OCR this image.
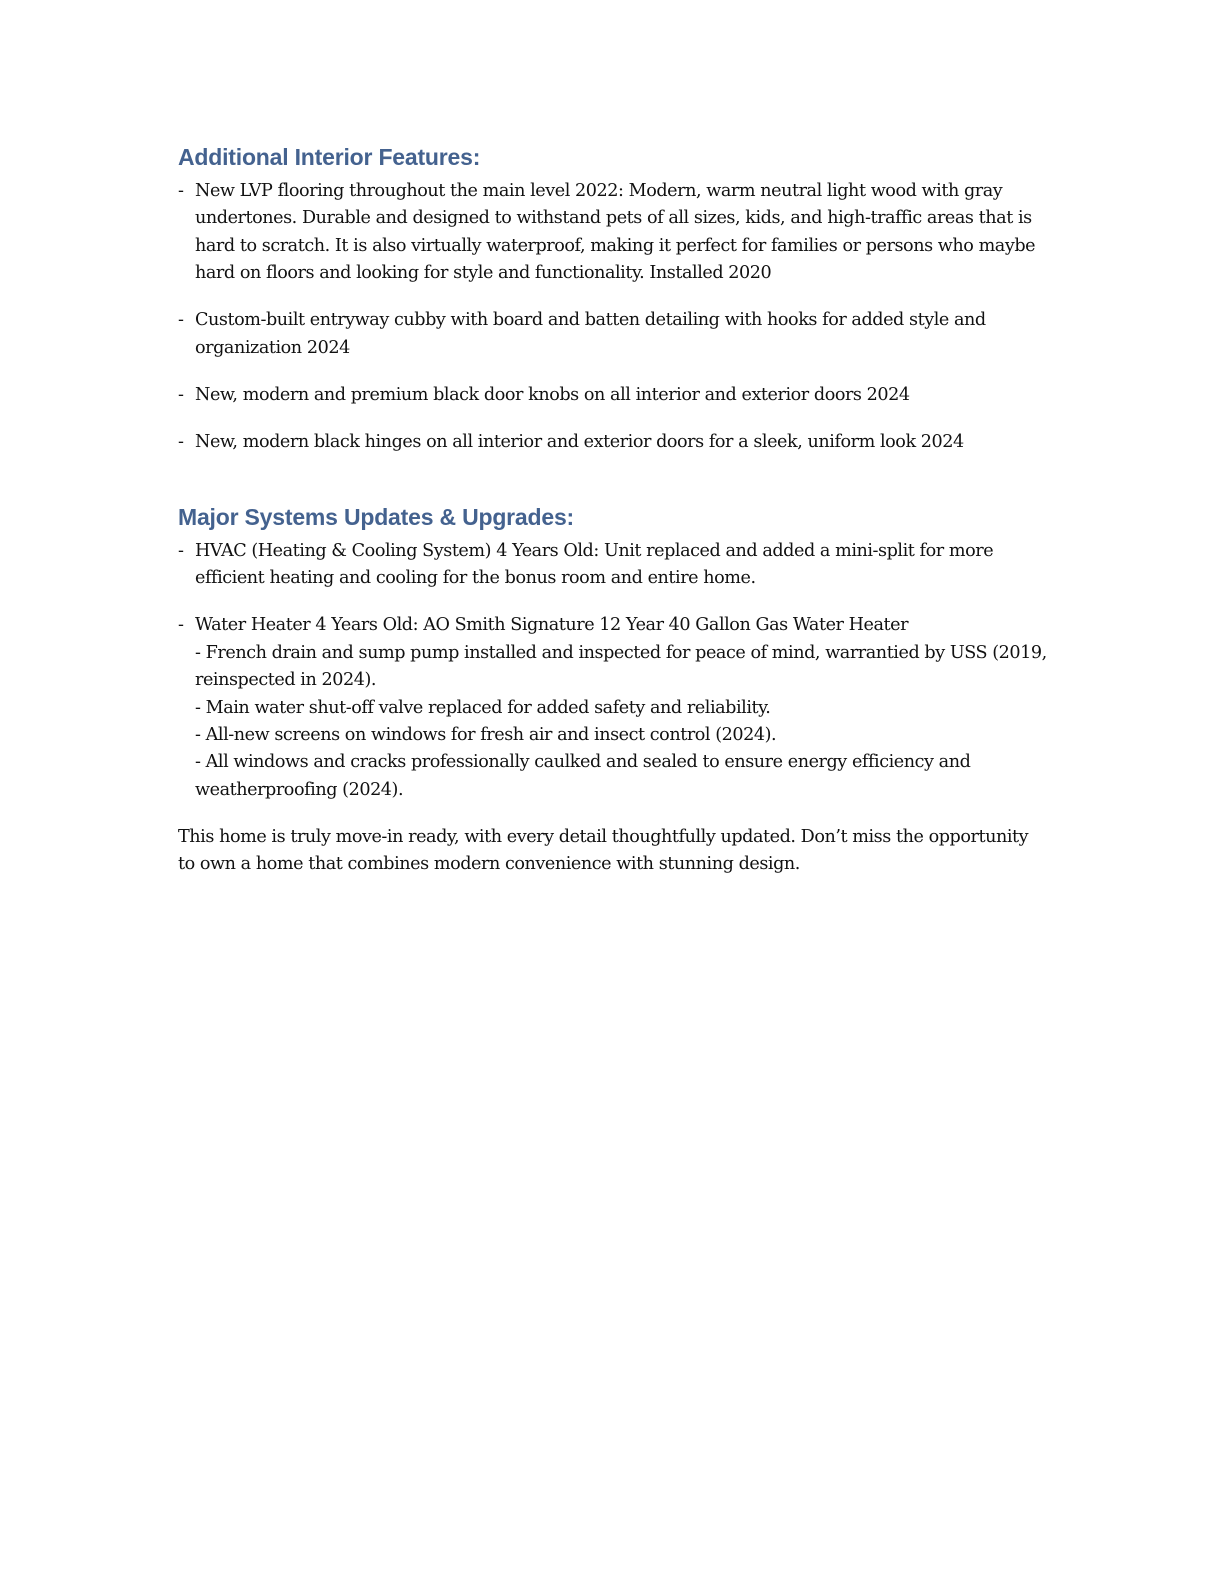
Additional Interior Features:
- New LVP flooring throughout the main level 2022: Modern, warm neutral light wood with gray undertones. Durable and designed to withstand pets of all sizes, kids, and high-traffic areas that is hard to scratch. It is also virtually waterproof, making it perfect for families or persons who maybe hard on floors and looking for style and functionality. Installed 2020
- Custom-built entryway cubby with board and batten detailing with hooks for added style and organization 2024
- New, modern and premium black door knobs on all interior and exterior doors 2024
- New, modern black hinges on all interior and exterior doors for a sleek, uniform look 2024
Major Systems Updates & Upgrades:
- HVAC (Heating & Cooling System) 4 Years Old: Unit replaced and added a mini-split for more efficient heating and cooling for the bonus room and entire home.
- Water Heater 4 Years Old: AO Smith Signature 12 Year 40 Gallon Gas Water Heater
- French drain and sump pump installed and inspected for peace of mind, warrantied by USS (2019, reinspected in 2024).
- Main water shut-off valve replaced for added safety and reliability.
- All-new screens on windows for fresh air and insect control (2024).
- All windows and cracks professionally caulked and sealed to ensure energy efficiency and weatherproofing (2024).

This home is truly move-in ready, with every detail thoughtfully updated. Don’t miss the opportunity to own a home that combines modern convenience with stunning design.
